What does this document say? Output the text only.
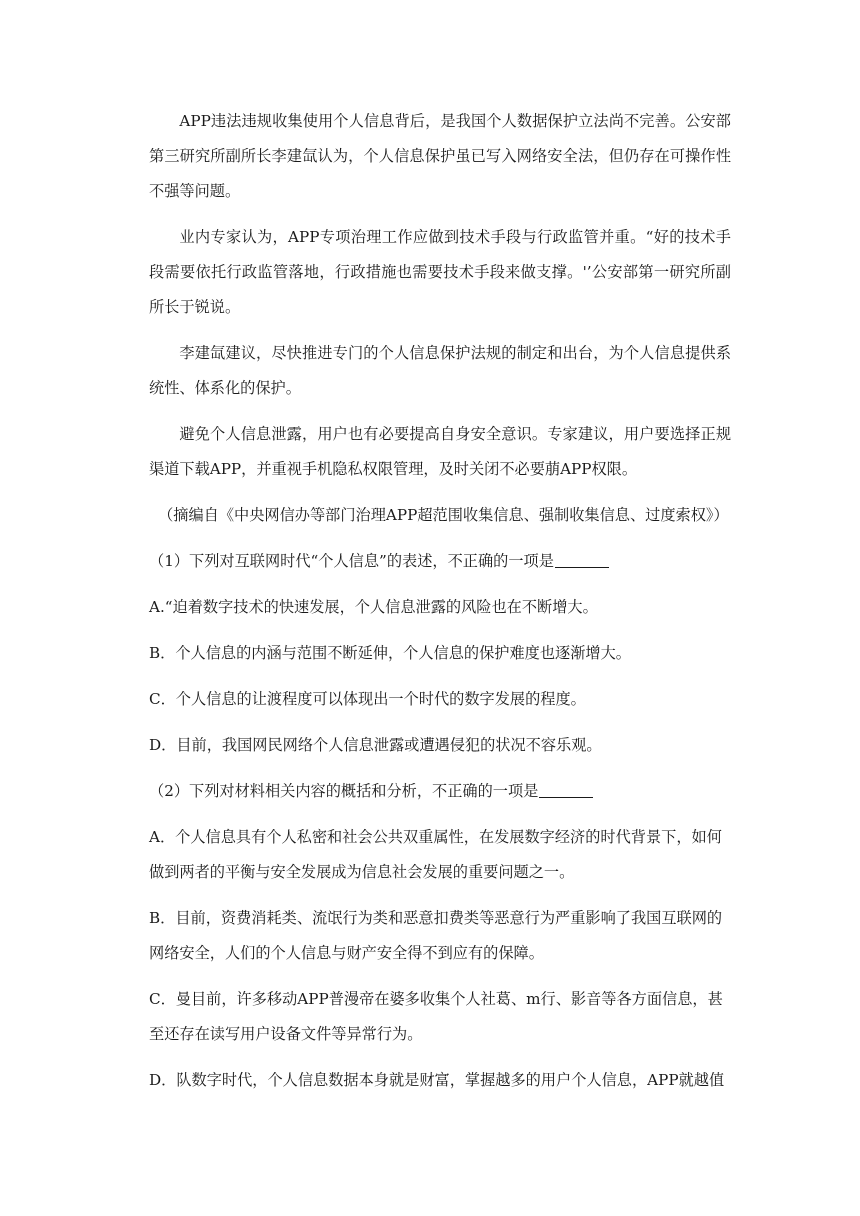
APP违法违规收集使用个人信息背后，是我国个人数据保护立法尚不完善。公安部第三研究所副所长李建氙认为，个人信息保护虽已写入网络安全法，但仍存在可操作性不强等问题。

业内专家认为，APP专项治理工作应做到技术手段与行政监管并重。“好的技术手段需要依托行政监管落地，行政措施也需要技术手段来做支撑。'’公安部第一研究所副所长于锐说。

李建氙建议，尽快推进专门的个人信息保护法规的制定和出台，为个人信息提供系统性、体系化的保护。

避免个人信息泄露，用户也有必要提高自身安全意识。专家建议，用户要选择正规渠道下载APP，并重视手机隐私权限管理，及时关闭不必要萠APP权限。

（摘编自《中央网信办等部门治理APP超范围收集信息、强制收集信息、过度索权》）

（1）下列对互联网时代“个人信息”的表述，不正确的一项是
A.“迫着数字技术的快速发展，个人信息泄露的风险也在不断增大。
B．个人信息的内涵与范围不断延伸，个人信息的保护难度也逐渐增大。
C．个人信息的让渡程度可以体现出一个时代的数字发展的程度。
D．目前，我国网民网络个人信息泄露或遭遇侵犯的状况不容乐观。
（2）下列对材料相关内容的概括和分析，不正确的一项是
A．个人信息具有个人私密和社会公共双重属性，在发展数字经济的时代背景下，如何做到两者的平衡与安全发展成为信息社会发展的重要问题之一。
B．目前，资费消耗类、流氓行为类和恶意扣费类等恶意行为严重影响了我国互联网的网络安全，人们的个人信息与财产安全得不到应有的保障。
C．曼目前，许多移动APP普漫帝在婆多收集个人社葛、m行、影音等各方面信息，甚至还存在读写用户设备文件等异常行为。
D．队数字时代，个人信息数据本身就是财富，掌握越多的用户个人信息，APP就越值
